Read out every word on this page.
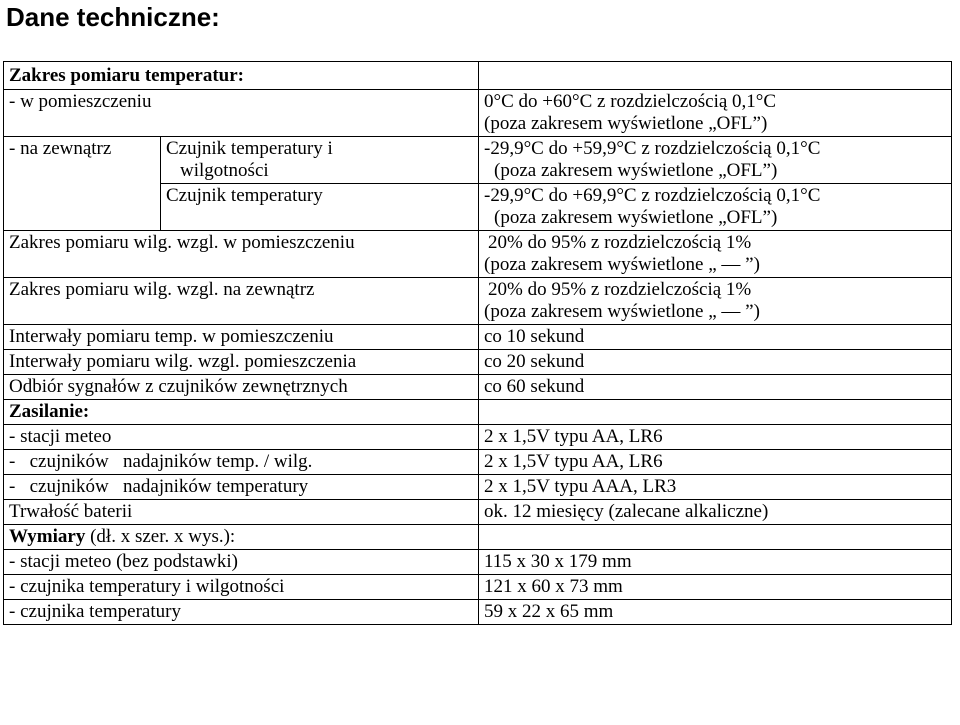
Dane techniczne:
Zakres pomiaru temperatur:		
- w pomieszczeniu		0°C do +60°C z rozdzielczością 0,1°C
(poza zakresem wyświetlone „OFL”)

- na zewnątrz	Czujnik temperatury i
wilgotności	-29,9°C do +59,9°C z rozdzielczością 0,1°C
(poza zakresem wyświetlone „OFL”)

	Czujnik temperatury	-29,9°C do +69,9°C z rozdzielczością 0,1°C
(poza zakresem wyświetlone „OFL”)

Zakres pomiaru wilg. wzgl. w pomieszczeniu		20% do 95% z rozdzielczością 1%
(poza zakresem wyświetlone „ — ”)

Zakres pomiaru wilg. wzgl. na zewnątrz		20% do 95% z rozdzielczością 1%
(poza zakresem wyświetlone „ — ”)

Interwały pomiaru temp. w pomieszczeniu		co 10 sekund
Interwały pomiaru wilg. wzgl. pomieszczenia		co 20 sekund
Odbiór sygnałów z czujników zewnętrznych		co 60 sekund
Zasilanie:		
- stacji meteo		2 x 1,5V typu AA, LR6
-   czujników   nadajników temp. / wilg.		2 x 1,5V typu AA, LR6
-   czujników   nadajników temperatury		2 x 1,5V typu AAA, LR3
Trwałość baterii		ok. 12 miesięcy (zalecane alkaliczne)
Wymiary (dł. x szer. x wys.):		
- stacji meteo (bez podstawki)		115 x 30 x 179 mm
- czujnika temperatury i wilgotności		121 x 60 x 73 mm
- czujnika temperatury		59 x 22 x 65 mm
